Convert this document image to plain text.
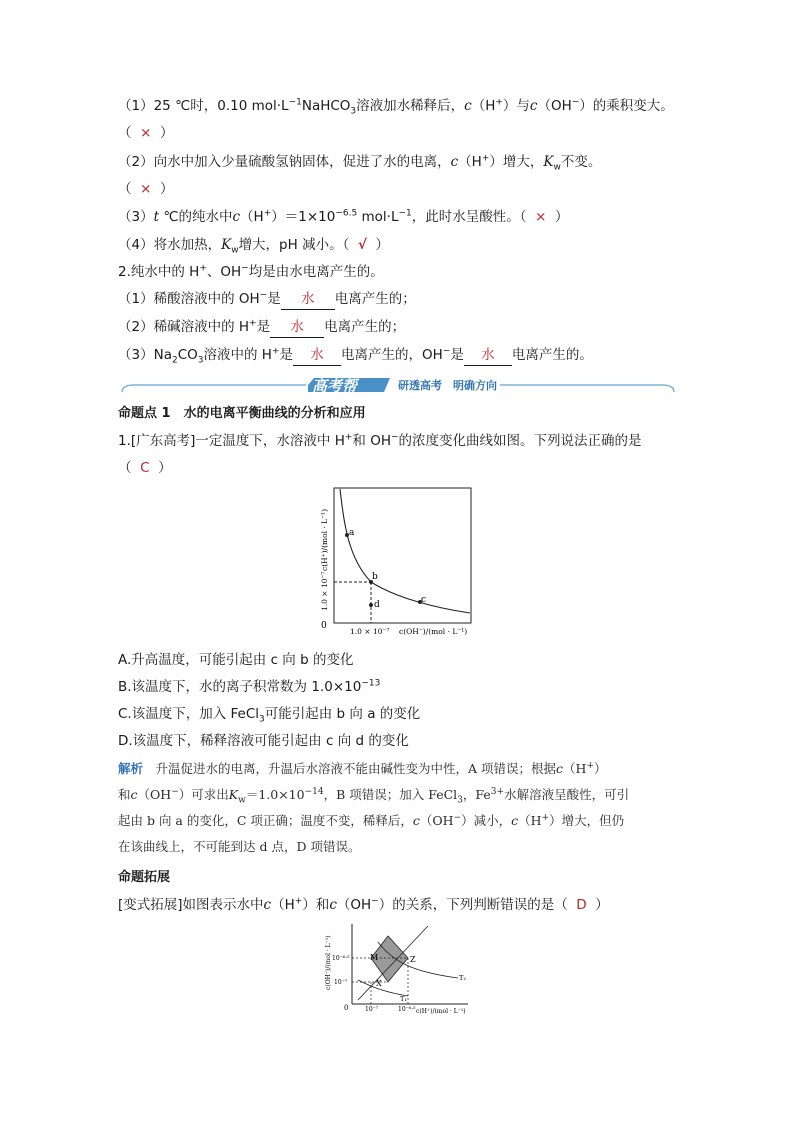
（1）25 ℃时，0.10 $mol\cdot L^{-1}NaHCO_3$溶液加水稀释后，c（H+）与c（OH−）的乘积变大。
（ × ）
（2）向水中加入少量硫酸氢钠固体，促进了水的电离，c（H+）增大，$K_w$不变。
（ × ）
（3）t ℃的纯水中$c(H^+)=1\times 10^{-6.5}$ $mol\cdot L^{-1}$，此时水呈酸性。（ × ）
（4）将水加热，$K_w$增大，pH 减小。（ √ ）
2.纯水中的 H+、OH−均是由水电离产生的。
（1）稀酸溶液中的 OH−是 水 电离产生的；
（2）稀碱溶液中的 H+是 水 电离产生的；
$(3)Na_2CO_3$溶液中的 H+是 水 电离产生的，OH−是 水 电离产生的。
高考帮	研透高考 明确方向
命题点 1　水的电离平衡曲线的分析和应用
1.[广东高考]一定温度下，水溶液中 H+和 OH−的浓度变化曲线如图。下列说法正确的是
（ C ）
a
b
c
d
0
1.0 × 10⁻⁷ c(OH⁻)/(mol · L⁻¹)
1.0 × 10⁻⁷
c(H⁺)/(mol · L⁻¹)
A.升高温度，可能引起由 c 向 b 的变化
B.该温度下，水的离子积常数为 $1.0\times 10^{-13}$
C.该温度下，加入 FeCl$_3$可能引起由 b 向 a 的变化
D.该温度下，稀释溶液可能引起由 c 向 d 的变化
解析　升温促进水的电离，升温后水溶液不能由碱性变为中性，A 项错误；根据c（H+）
和c（OH−）可求出$K_w=1.0\times 10^{-14}$，B 项错误；加入 FeCl$_3$，$Fe^{3+}$水解溶液呈酸性，可引
起由 b 向 a 的变化，C 项正确；温度不变，稀释后，c（OH−）减小，c（H+）增大，但仍
在该曲线上，不可能到达 d 点，D 项错误。
命题拓展
[变式拓展]如图表示水中c（H+）和c（OH−）的关系，下列判断错误的是（ D ）
M	Z
X
T₁
T₂
10⁻⁶·⁵
10⁻⁷
0	10⁻⁷	10⁻⁶·⁵ c(H⁺)/(mol · L⁻¹)
c(OH⁻)/(mol · L⁻¹)
